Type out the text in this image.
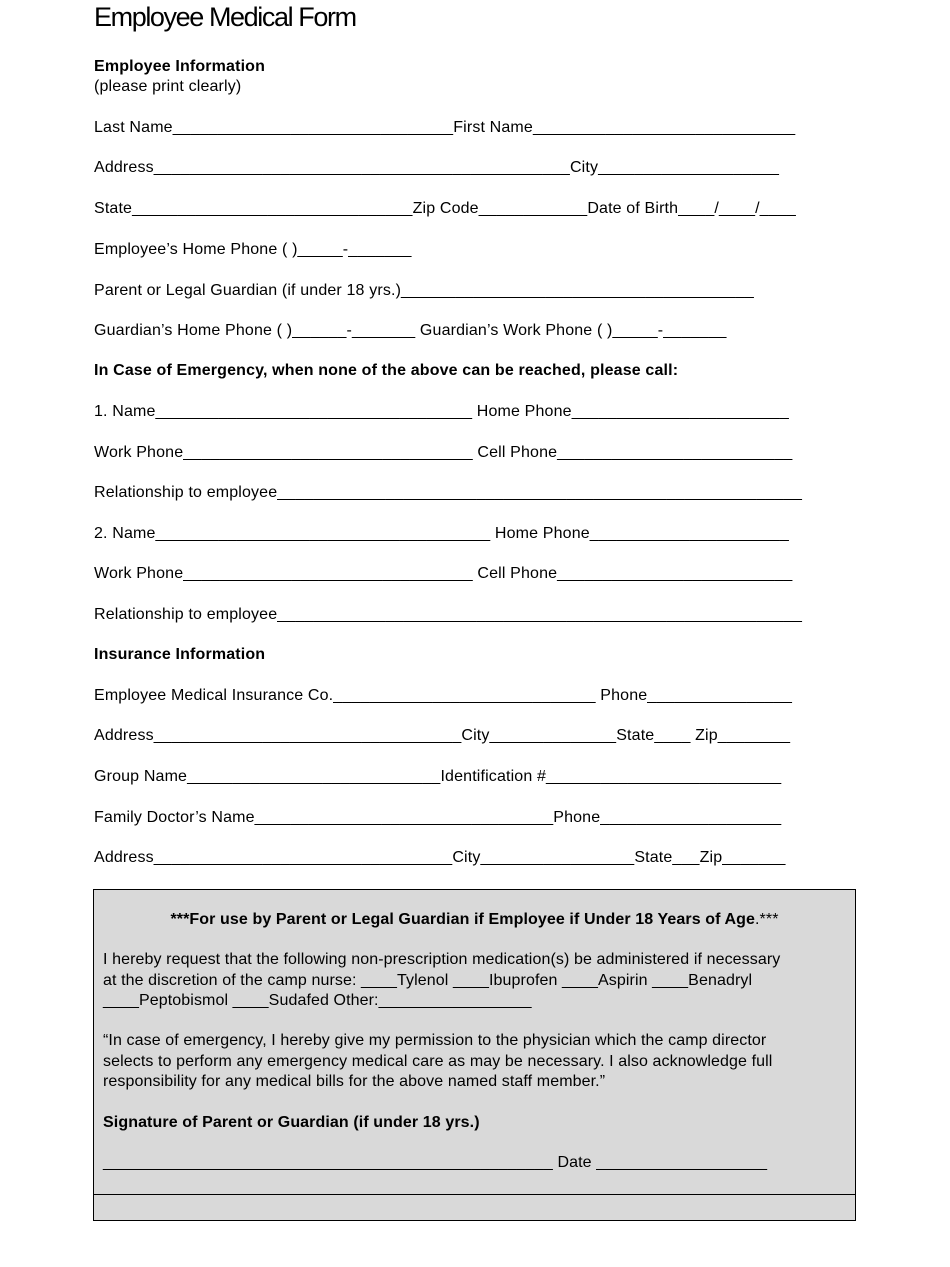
Employee Medical Form
Employee Information
(please print clearly)
Last Name_______________________________First Name_____________________________
Address______________________________________________City____________________
State_______________________________Zip Code____________Date of Birth____/____/____
Employee’s Home Phone ( )_____-_______
Parent or Legal Guardian (if under 18 yrs.)_______________________________________
Guardian’s Home Phone ( )______-_______ Guardian’s Work Phone ( )_____-_______
In Case of Emergency, when none of the above can be reached, please call:
1. Name___________________________________ Home Phone________________________
Work Phone________________________________ Cell Phone__________________________
Relationship to employee__________________________________________________________
2. Name_____________________________________ Home Phone______________________
Work Phone________________________________ Cell Phone__________________________
Relationship to employee__________________________________________________________
Insurance Information
Employee Medical Insurance Co._____________________________ Phone________________
Address__________________________________City______________State____ Zip________
Group Name____________________________Identification #__________________________
Family Doctor’s Name_________________________________Phone____________________
Address_________________________________City_________________State___Zip_______
***For use by Parent or Legal Guardian if Employee if Under 18 Years of Age.***
I hereby request that the following non-prescription medication(s) be administered if necessary
at the discretion of the camp nurse: ____Tylenol ____Ibuprofen ____Aspirin ____Benadryl
____Peptobismol ____Sudafed Other:_________________
“In case of emergency, I hereby give my permission to the physician which the camp director
selects to perform any emergency medical care as may be necessary. I also acknowledge full
responsibility for any medical bills for the above named staff member.”
Signature of Parent or Guardian (if under 18 yrs.)
__________________________________________________ Date ___________________
